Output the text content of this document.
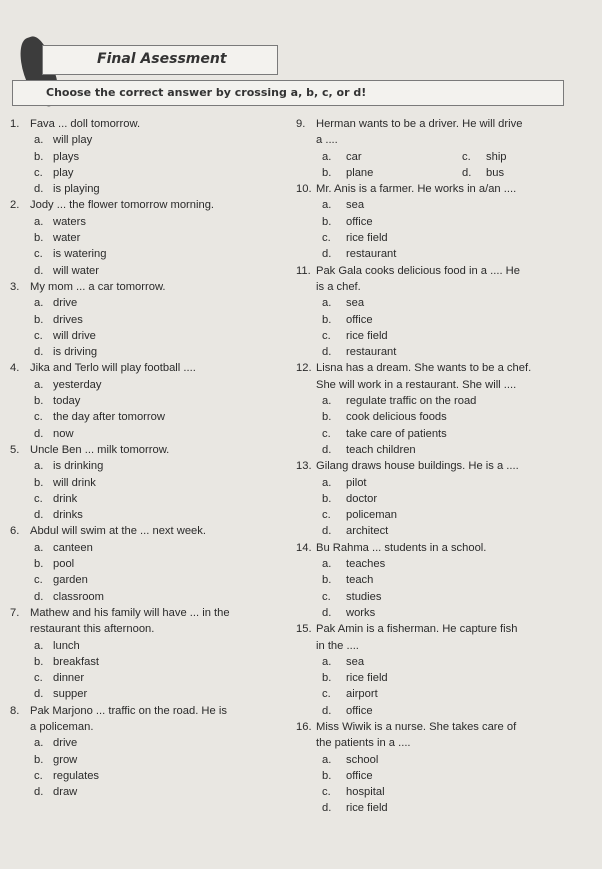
Final Asessment
Choose the correct answer by crossing a, b, c, or d!
1. Fava ... doll tomorrow.
a. will play
b. plays
c. play
d. is playing
2. Jody ... the flower tomorrow morning.
a. waters
b. water
c. is watering
d. will water
3. My mom ... a car tomorrow.
a. drive
b. drives
c. will drive
d. is driving
4. Jika and Terlo will play football ....
a. yesterday
b. today
c. the day after tomorrow
d. now
5. Uncle Ben ... milk tomorrow.
a. is drinking
b. will drink
c. drink
d. drinks
6. Abdul will swim at the ... next week.
a. canteen
b. pool
c. garden
d. classroom
7. Mathew and his family will have ... in the
restaurant this afternoon.
a. lunch
b. breakfast
c. dinner
d. supper
8. Pak Marjono ... traffic on the road. He is
a policeman.
a. drive
b. grow
c. regulates
d. draw
9. Herman wants to be a driver. He will drive
a ....
a. car	c. ship
b. plane	d. bus
10. Mr. Anis is a farmer. He works in a/an ....
a. sea
b. office
c. rice field
d. restaurant
11. Pak Gala cooks delicious food in a .... He
is a chef.
a. sea
b. office
c. rice field
d. restaurant
12. Lisna has a dream. She wants to be a chef.
She will work in a restaurant. She will ....
a. regulate traffic on the road
b. cook delicious foods
c. take care of patients
d. teach children
13. Gilang draws house buildings. He is a ....
a. pilot
b. doctor
c. policeman
d. architect
14. Bu Rahma ... students in a school.
a. teaches
b. teach
c. studies
d. works
15. Pak Amin is a fisherman. He capture fish
in the ....
a. sea
b. rice field
c. airport
d. office
16. Miss Wiwik is a nurse. She takes care of
the patients in a ....
a. school
b. office
c. hospital
d. rice field
